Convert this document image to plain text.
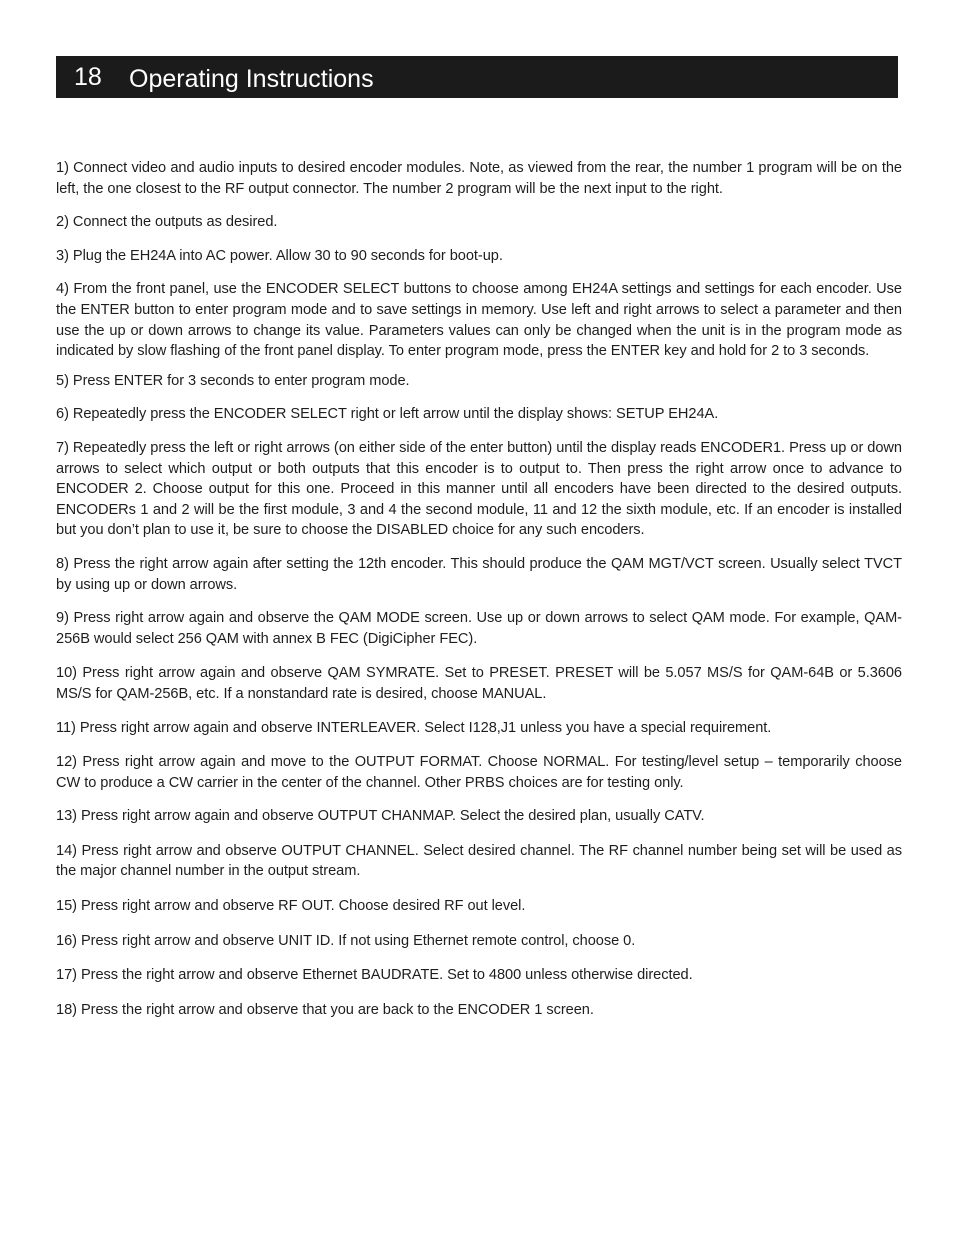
18 Operating Instructions

1) Connect video and audio inputs to desired encoder modules. Note, as viewed from the rear, the number 1 program will be on the left, the one closest to the RF output connector. The number 2 program will be the next input to the right.

2) Connect the outputs as desired.

3) Plug the EH24A into AC power. Allow 30 to 90 seconds for boot-up.

4) From the front panel, use the ENCODER SELECT buttons to choose among EH24A settings and settings for each encoder. Use the ENTER button to enter program mode and to save settings in memory. Use left and right arrows to select a parameter and then use the up or down arrows to change its value. Parameters values can only be changed when the unit is in the program mode as indicated by slow flashing of the front panel display. To enter program mode, press the ENTER key and hold for 2 to 3 seconds.

5) Press ENTER for 3 seconds to enter program mode.

6) Repeatedly press the ENCODER SELECT right or left arrow until the display shows: SETUP EH24A.

7) Repeatedly press the left or right arrows (on either side of the enter button) until the display reads ENCODER1. Press up or down arrows to select which output or both outputs that this encoder is to output to. Then press the right arrow once to advance to ENCODER 2. Choose output for this one. Proceed in this manner until all encoders have been directed to the desired outputs. ENCODERs 1 and 2 will be the first module, 3 and 4 the second module, 11 and 12 the sixth module, etc. If an encoder is installed but you don’t plan to use it, be sure to choose the DISABLED choice for any such encoders.

8) Press the right arrow again after setting the 12th encoder. This should produce the QAM MGT/VCT screen. Usually select TVCT by using up or down arrows.

9) Press right arrow again and observe the QAM MODE screen. Use up or down arrows to select QAM mode. For example, QAM-256B would select 256 QAM with annex B FEC (DigiCipher FEC).

10) Press right arrow again and observe QAM SYMRATE. Set to PRESET. PRESET will be 5.057 MS/S for QAM-64B or 5.3606 MS/S for QAM-256B, etc. If a nonstandard rate is desired, choose MANUAL.

11) Press right arrow again and observe INTERLEAVER. Select I128,J1 unless you have a special requirement.

12) Press right arrow again and move to the OUTPUT FORMAT. Choose NORMAL. For testing/level setup – temporarily choose CW to produce a CW carrier in the center of the channel. Other PRBS choices are for testing only.

13) Press right arrow again and observe OUTPUT CHANMAP. Select the desired plan, usually CATV.

14) Press right arrow and observe OUTPUT CHANNEL. Select desired channel. The RF channel number being set will be used as the major channel number in the output stream.

15) Press right arrow and observe RF OUT. Choose desired RF out level.

16) Press right arrow and observe UNIT ID. If not using Ethernet remote control, choose 0.

17) Press the right arrow and observe Ethernet BAUDRATE. Set to 4800 unless otherwise directed.

18) Press the right arrow and observe that you are back to the ENCODER 1 screen.
